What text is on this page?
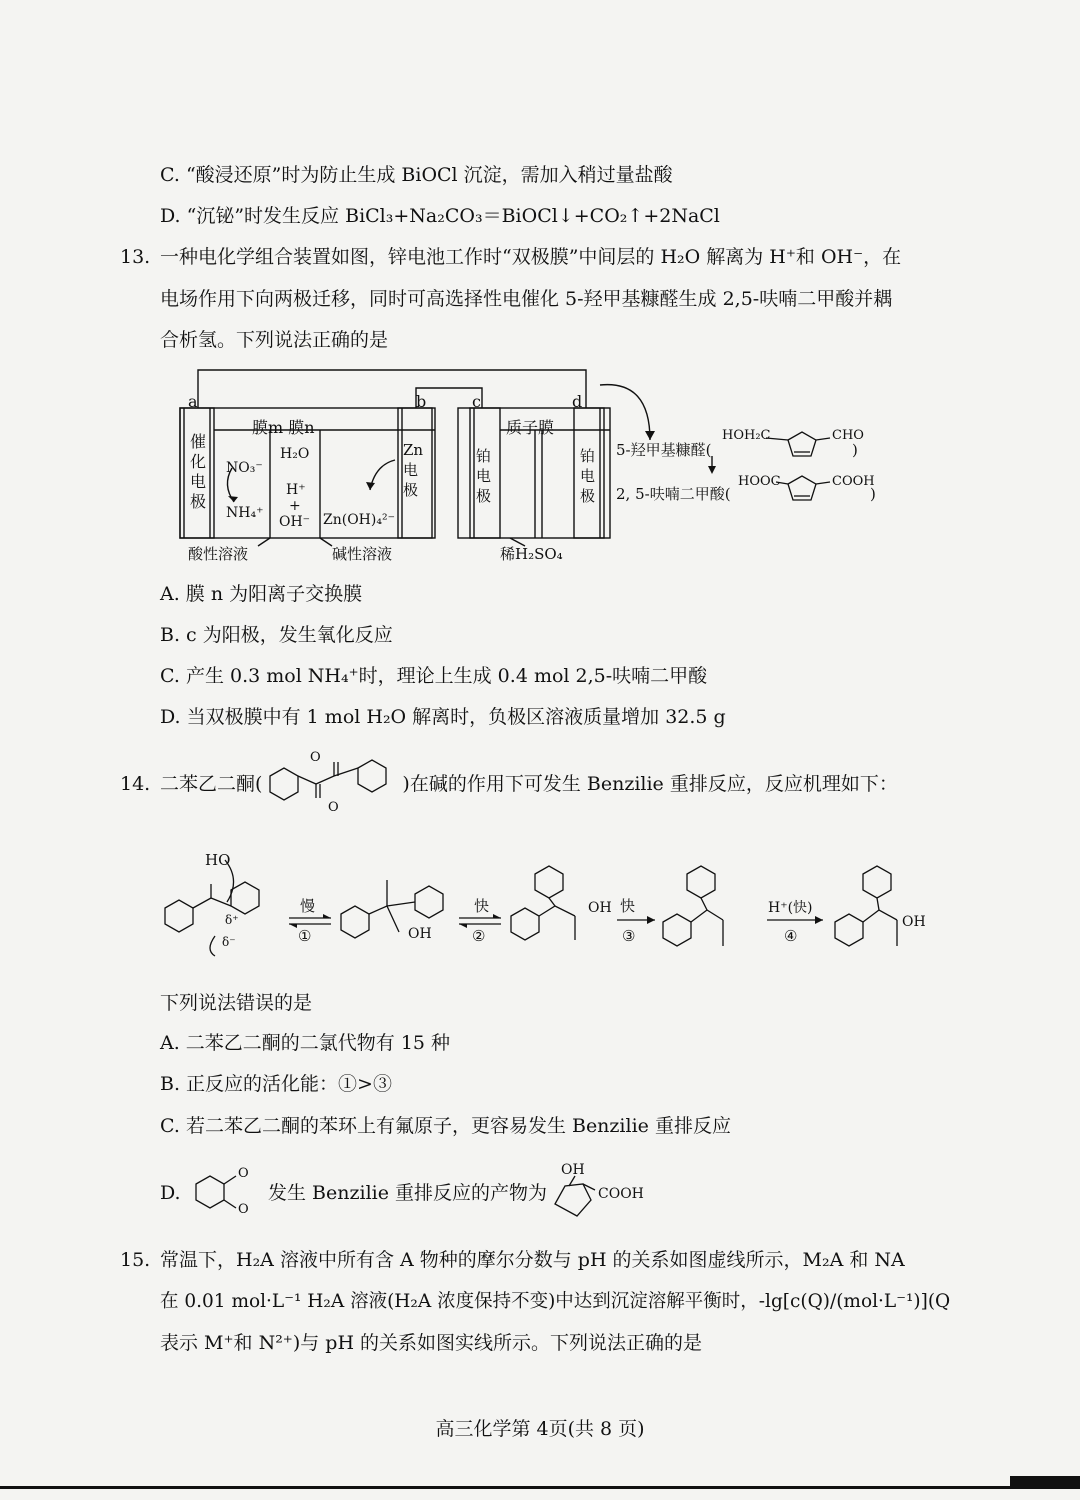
C. “酸浸还原”时为防止生成 BiOCl 沉淀，需加入稍过量盐酸
D. “沉铋”时发生反应 BiCl₃+Na₂CO₃＝BiOCl↓+CO₂↑+2NaCl
13. 一种电化学组合装置如图，锌电池工作时“双极膜”中间层的 H₂O 解离为 H⁺和 OH⁻，在
电场作用下向两极迁移，同时可高选择性电催化 5-羟甲基糠醛生成 2,5-呋喃二甲酸并耦
合析氢。下列说法正确的是
a	b	c	d
膜m 膜n
催化电极
NO₃⁻
NH₄⁺
H₂O
H⁺
+
OH⁻
Zn电极
Zn(OH)₄²⁻
酸性溶液	碱性溶液
质子膜
铂电极
铂电极
稀H₂SO₄
5-羟甲基糠醛(
2, 5-呋喃二甲酸(
HOH₂C	CHO
)
HOOC	COOH
)
A. 膜 n 为阳离子交换膜
B. c 为阳极，发生氧化反应
C. 产生 0.3 mol NH₄⁺时，理论上生成 0.4 mol 2,5-呋喃二甲酸
D. 当双极膜中有 1 mol H₂O 解离时，负极区溶液质量增加 32.5 g
14. 二苯乙二酮(	)在碱的作用下可发生 Benzilie 重排反应，反应机理如下：
O
O
HO
慢
①
快
②
快
③
H⁺(快)
④
OH
OH
δ⁺
δ⁻
OH
下列说法错误的是
A. 二苯乙二酮的二氯代物有 15 种
B. 正反应的活化能：①>③
C. 若二苯乙二酮的苯环上有氟原子，更容易发生 Benzilie 重排反应
D.
O
O
发生 Benzilie 重排反应的产物为
OH
COOH
15. 常温下，H₂A 溶液中所有含 A 物种的摩尔分数与 pH 的关系如图虚线所示，M₂A 和 NA
在 0.01 mol·L⁻¹ H₂A 溶液(H₂A 浓度保持不变)中达到沉淀溶解平衡时，-lg[c(Q)/(mol·L⁻¹)](Q
表示 M⁺和 N²⁺)与 pH 的关系如图实线所示。下列说法正确的是
高三化学第 4页(共 8 页)
